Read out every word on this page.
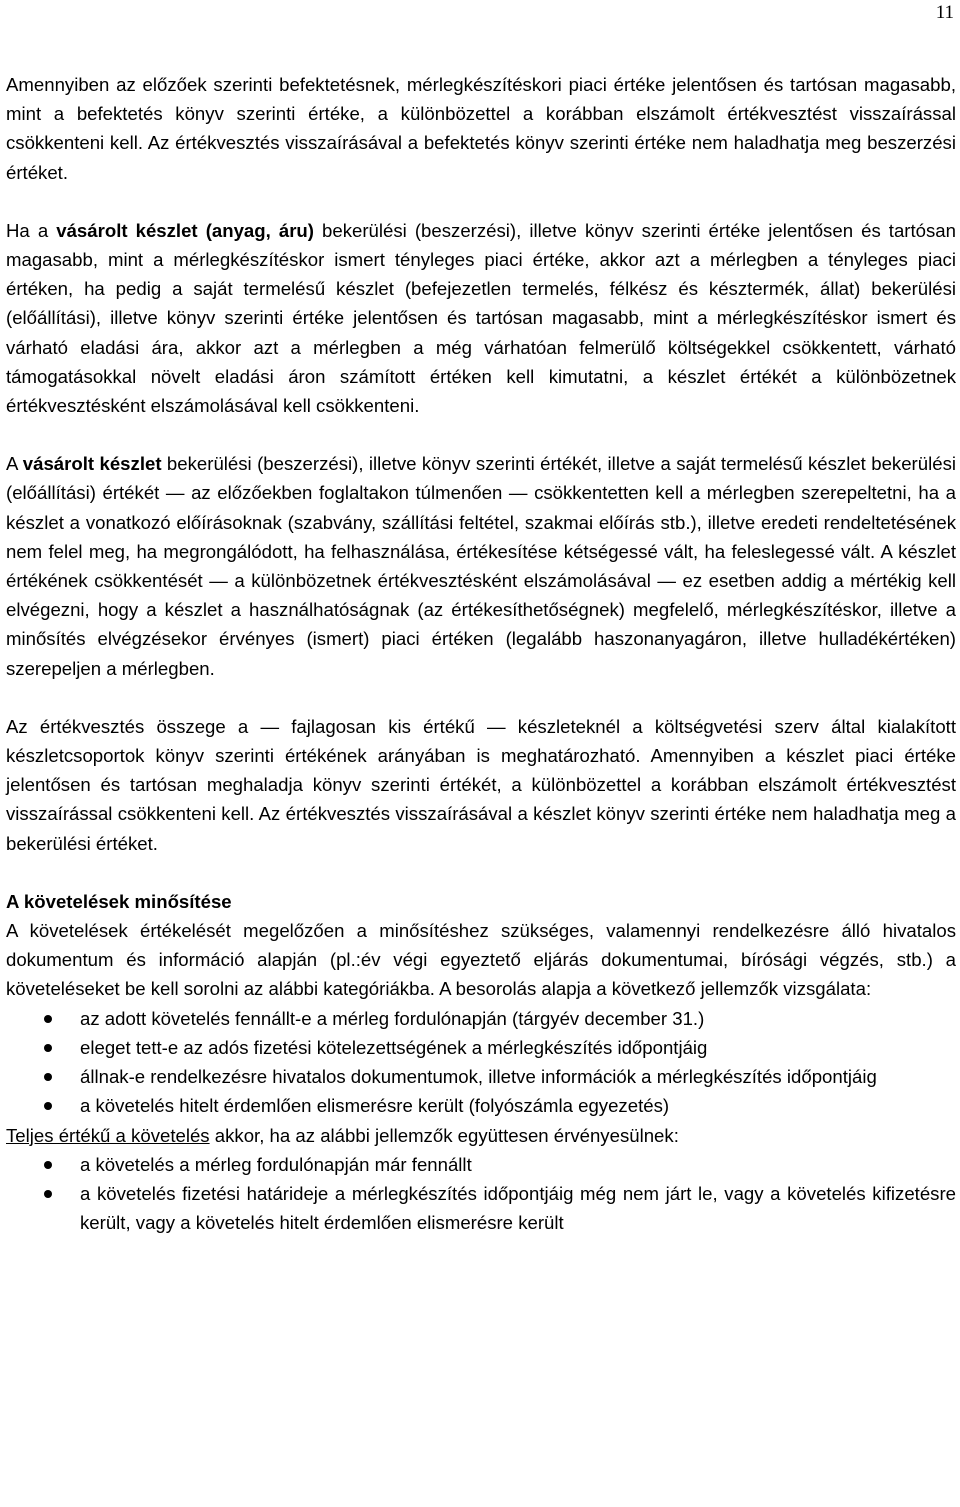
11

Amennyiben az előzőek szerinti befektetésnek, mérlegkészítéskori piaci értéke jelentősen és tartósan magasabb, mint a befektetés könyv szerinti értéke, a különbözettel a korábban elszámolt értékvesztést visszaírással csökkenteni kell. Az értékvesztés visszaírásával a befektetés könyv szerinti értéke nem haladhatja meg beszerzési értéket.

Ha a vásárolt készlet (anyag, áru) bekerülési (beszerzési), illetve könyv szerinti értéke jelentősen és tartósan magasabb, mint a mérlegkészítéskor ismert tényleges piaci értéke, akkor azt a mérlegben a tényleges piaci értéken, ha pedig a saját termelésű készlet (befejezetlen termelés, félkész és késztermék, állat) bekerülési (előállítási), illetve könyv szerinti értéke jelentősen és tartósan magasabb, mint a mérlegkészítéskor ismert és várható eladási ára, akkor azt a mérlegben a még várhatóan felmerülő költségekkel csökkentett, várható támogatásokkal növelt eladási áron számított értéken kell kimutatni, a készlet értékét a különbözetnek értékvesztésként elszámolásával kell csökkenteni.

A vásárolt készlet bekerülési (beszerzési), illetve könyv szerinti értékét, illetve a saját termelésű készlet bekerülési (előállítási) értékét — az előzőekben foglaltakon túlmenően — csökkentetten kell a mérlegben szerepeltetni, ha a készlet a vonatkozó előírásoknak (szabvány, szállítási feltétel, szakmai előírás stb.), illetve eredeti rendeltetésének nem felel meg, ha megrongálódott, ha felhasználása, értékesítése kétségessé vált, ha feleslegessé vált. A készlet értékének csökkentését — a különbözetnek értékvesztésként elszámolásával — ez esetben addig a mértékig kell elvégezni, hogy a készlet a használhatóságnak (az értékesíthetőségnek) megfelelő, mérlegkészítéskor, illetve a minősítés elvégzésekor érvényes (ismert) piaci értéken (legalább haszonanyagáron, illetve hulladékértéken) szerepeljen a mérlegben.

Az értékvesztés összege a — fajlagosan kis értékű — készleteknél a költségvetési szerv által kialakított készletcsoportok könyv szerinti értékének arányában is meghatározható. Amennyiben a készlet piaci értéke jelentősen és tartósan meghaladja könyv szerinti értékét, a különbözettel a korábban elszámolt értékvesztést visszaírással csökkenteni kell. Az értékvesztés visszaírásával a készlet könyv szerinti értéke nem haladhatja meg a bekerülési értéket.

A követelések minősítése

A követelések értékelését megelőzően a minősítéshez szükséges, valamennyi rendelkezésre álló hivatalos dokumentum és információ alapján (pl.:év végi egyeztető eljárás dokumentumai, bírósági végzés, stb.) a követeléseket be kell sorolni az alábbi kategóriákba. A besorolás alapja a következő jellemzők vizsgálata:

az adott követelés fennállt-e a mérleg fordulónapján (tárgyév december 31.)
eleget tett-e az adós fizetési kötelezettségének a mérlegkészítés időpontjáig
állnak-e rendelkezésre hivatalos dokumentumok, illetve információk a mérlegkészítés időpontjáig
a követelés hitelt érdemlően elismerésre került (folyószámla egyezetés)

Teljes értékű a követelés akkor, ha az alábbi jellemzők együttesen érvényesülnek:

a követelés a mérleg fordulónapján már fennállt
a követelés fizetési határideje a mérlegkészítés időpontjáig még nem járt le, vagy a követelés kifizetésre került, vagy a követelés hitelt érdemlően elismerésre került
